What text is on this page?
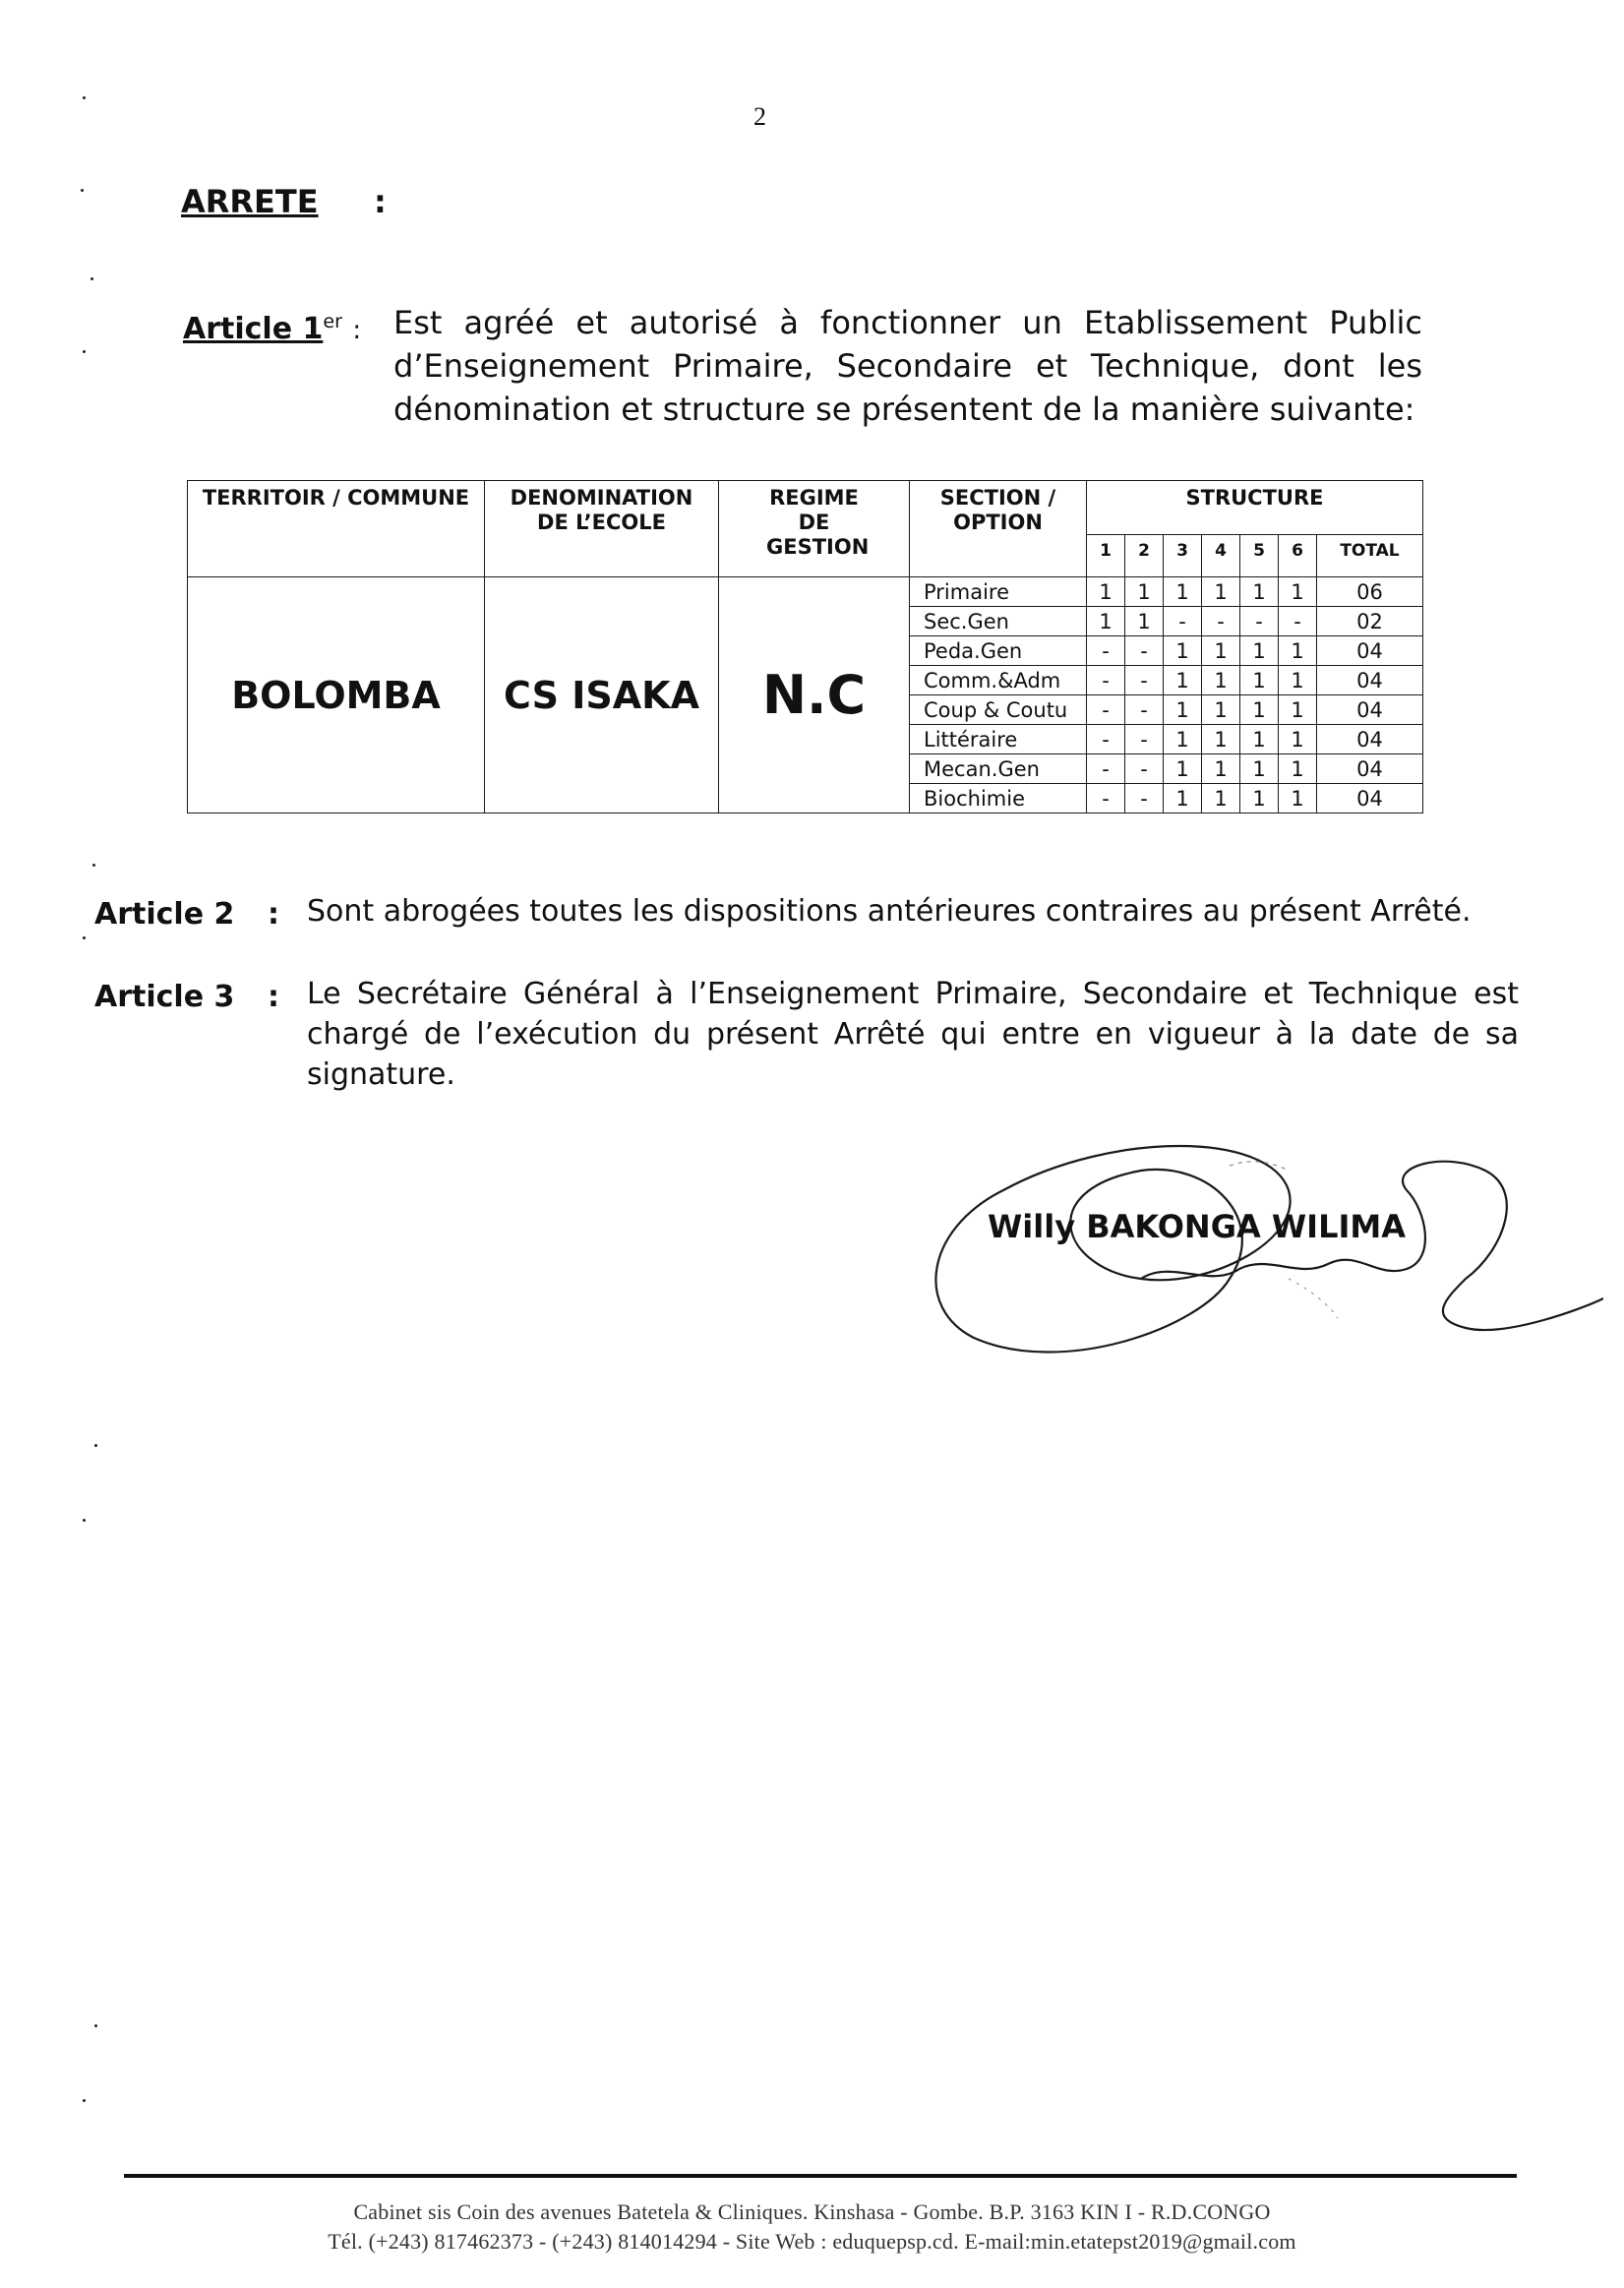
2
ARRETE :
Article 1er : Est agréé et autorisé à fonctionner un Etablissement Public d’Enseignement Primaire, Secondaire et Technique, dont les dénomination et structure se présentent de la manière suivante:
TERRITOIR / COMMUNE	DENOMINATION DE L’ECOLE	REGIME DE GESTION	SECTION / OPTION	STRUCTURE						
				1	2	3	4	5	6	TOTAL
BOLOMBA	CS ISAKA	N.C	Primaire	1	1	1	1	1	1	06
			Sec.Gen	1	1	-	-	-	-	02
			Peda.Gen	-	-	1	1	1	1	04
			Comm.&Adm	-	-	1	1	1	1	04
			Coup & Coutu	-	-	1	1	1	1	04
			Littéraire	-	-	1	1	1	1	04
			Mecan.Gen	-	-	1	1	1	1	04
			Biochimie	-	-	1	1	1	1	04
Article 2 : Sont abrogées toutes les dispositions antérieures contraires au présent Arrêté.
Article 3 : Le Secrétaire Général à l’Enseignement Primaire, Secondaire et Technique est chargé de l’exécution du présent Arrêté qui entre en vigueur à la date de sa signature.
Willy BAKONGA WILIMA
Cabinet sis Coin des avenues Batetela & Cliniques. Kinshasa - Gombe. B.P. 3163 KIN I - R.D.CONGO
Tél. (+243) 817462373 - (+243) 814014294 - Site Web : eduquepsp.cd. E-mail:min.etatepst2019@gmail.com
